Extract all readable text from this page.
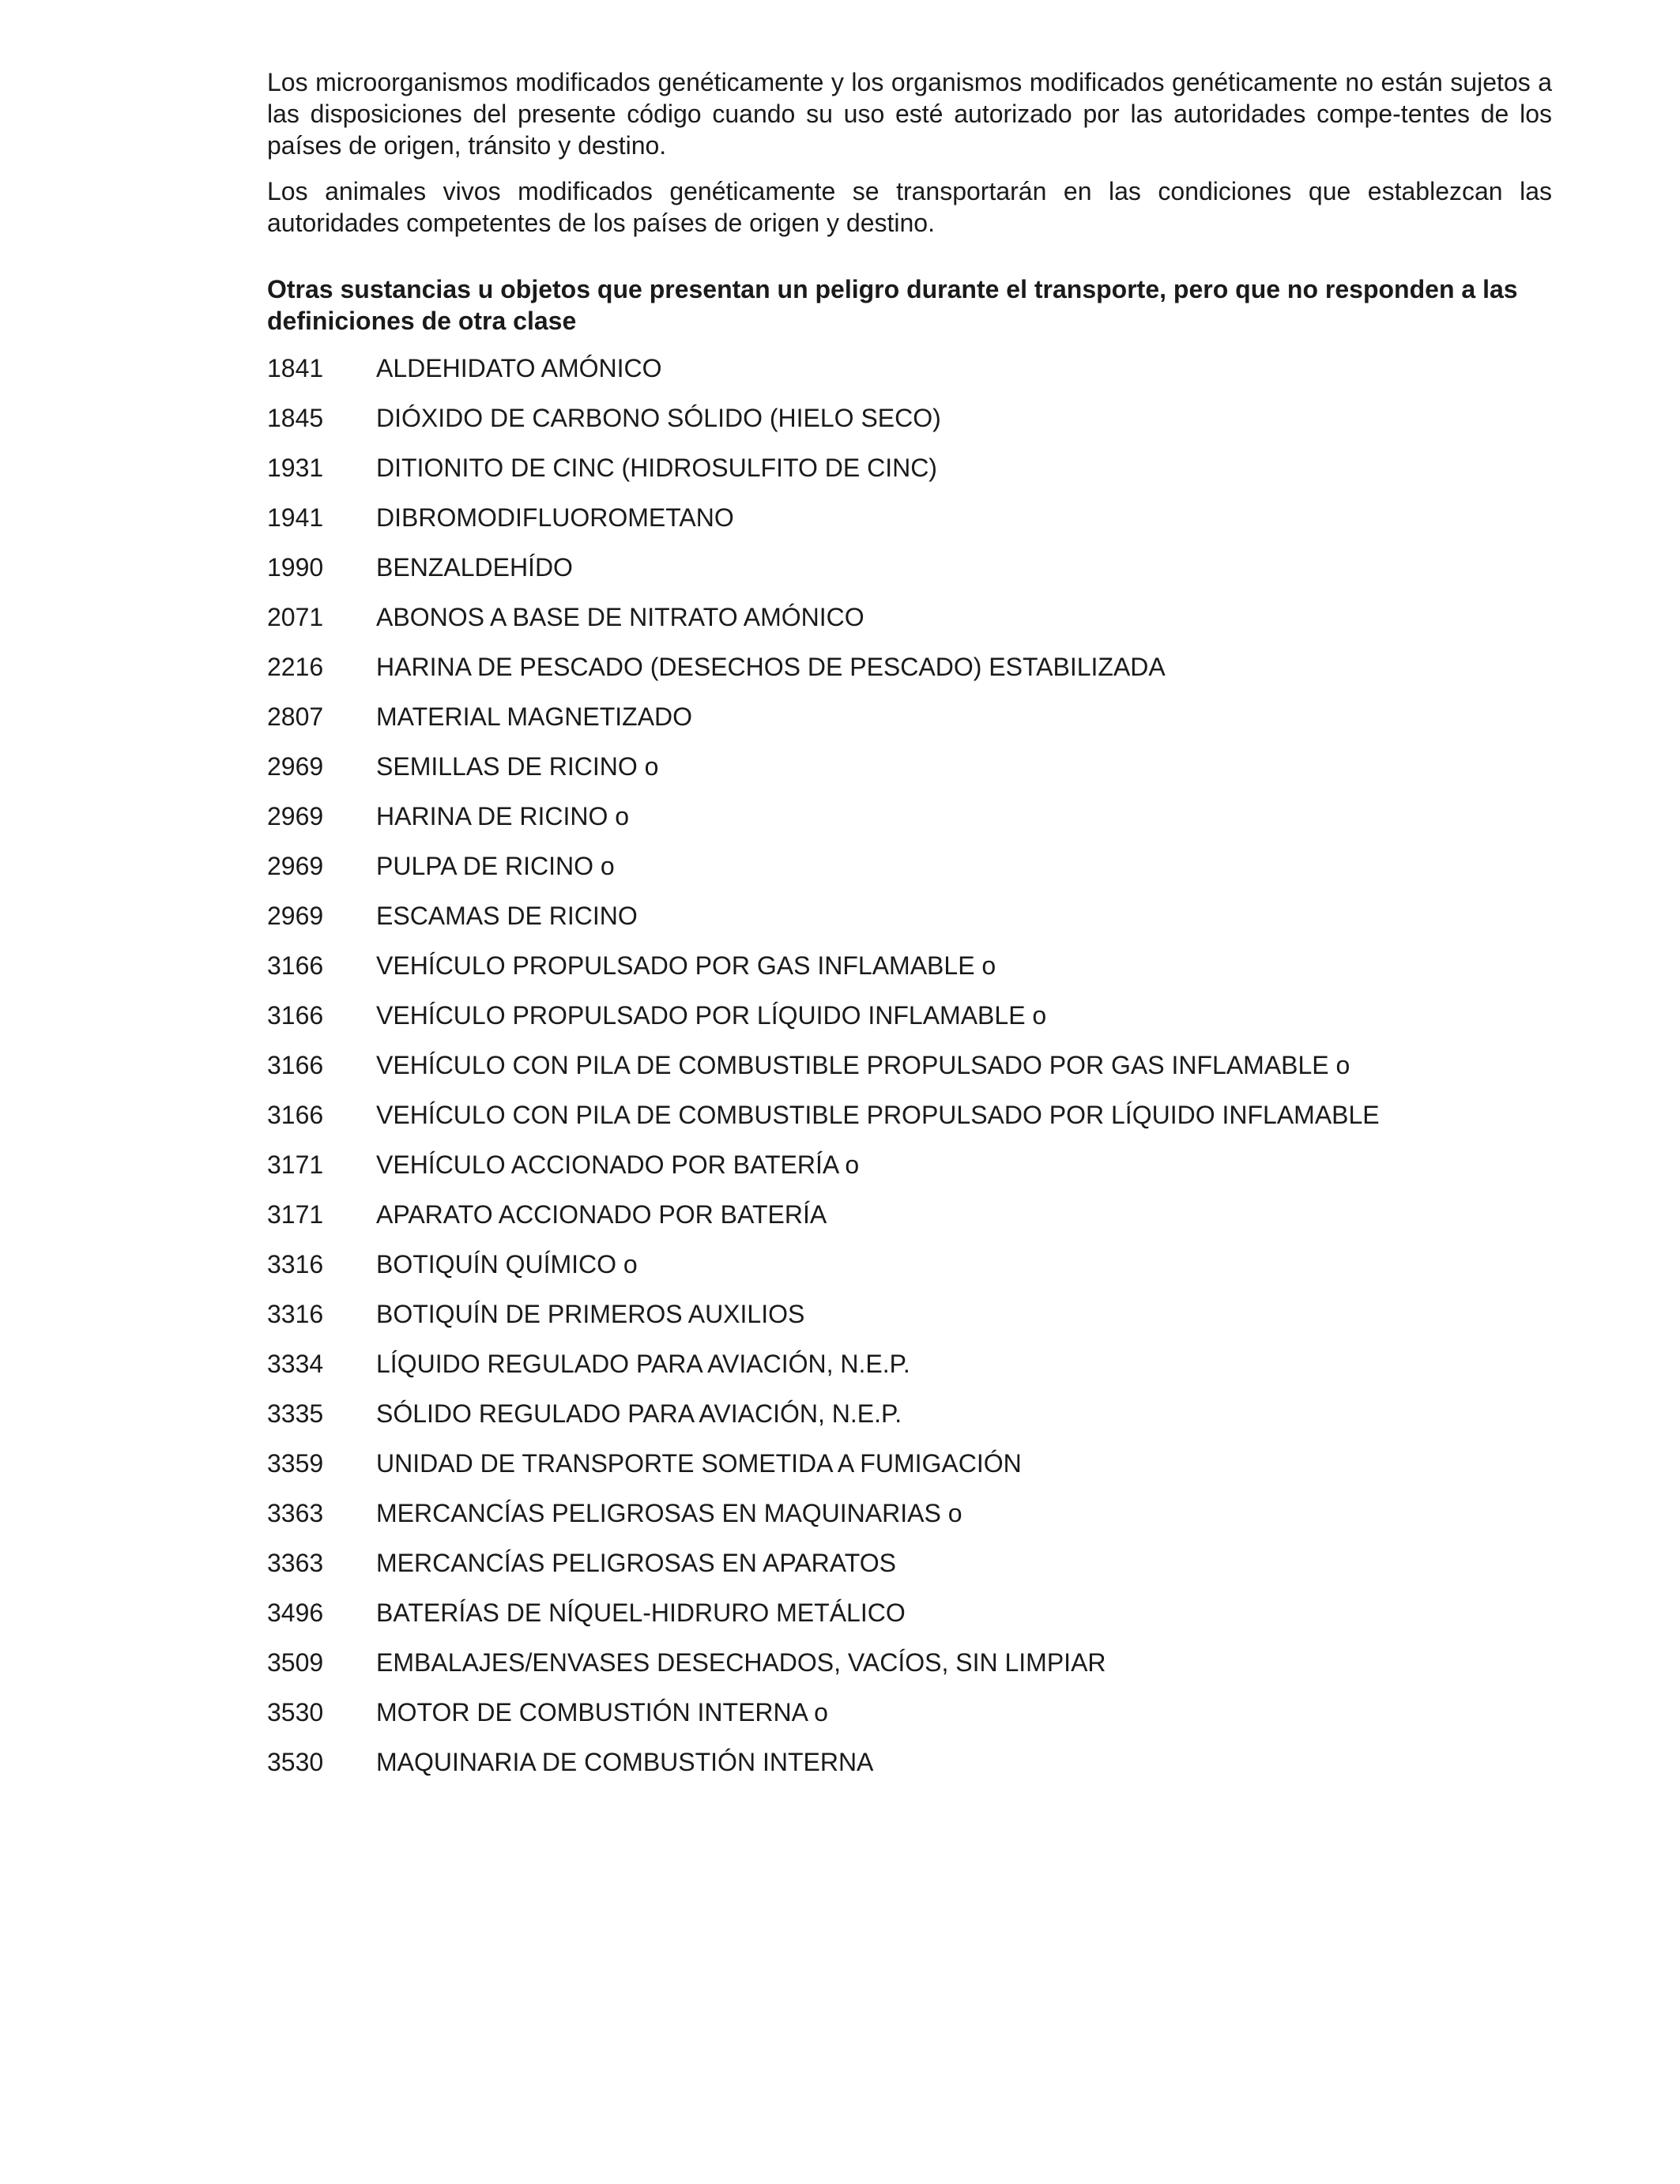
Los microorganismos modificados genéticamente y los organismos modificados genéticamente no están sujetos a las disposiciones del presente código cuando su uso esté autorizado por las autoridades compe-tentes de los países de origen, tránsito y destino.

Los animales vivos modificados genéticamente se transportarán en las condiciones que establezcan las autoridades competentes de los países de origen y destino.

Otras sustancias u objetos que presentan un peligro durante el transporte, pero que no responden a las definiciones de otra clase
1841	ALDEHIDATO AMÓNICO
1845	DIÓXIDO DE CARBONO SÓLIDO (HIELO SECO)
1931	DITIONITO DE CINC (HIDROSULFITO DE CINC)
1941	DIBROMODIFLUOROMETANO
1990	BENZALDEHÍDO
2071	ABONOS A BASE DE NITRATO AMÓNICO
2216	HARINA DE PESCADO (DESECHOS DE PESCADO) ESTABILIZADA
2807	MATERIAL MAGNETIZADO
2969	SEMILLAS DE RICINO o
2969	HARINA DE RICINO o
2969	PULPA DE RICINO o
2969	ESCAMAS DE RICINO
3166	VEHÍCULO PROPULSADO POR GAS INFLAMABLE o
3166	VEHÍCULO PROPULSADO POR LÍQUIDO INFLAMABLE o
3166	VEHÍCULO CON PILA DE COMBUSTIBLE PROPULSADO POR GAS INFLAMABLE o
3166	VEHÍCULO CON PILA DE COMBUSTIBLE PROPULSADO POR LÍQUIDO INFLAMABLE
3171	VEHÍCULO ACCIONADO POR BATERÍA o
3171	APARATO ACCIONADO POR BATERÍA
3316	BOTIQUÍN QUÍMICO o
3316	BOTIQUÍN DE PRIMEROS AUXILIOS
3334	LÍQUIDO REGULADO PARA AVIACIÓN, N.E.P.
3335	SÓLIDO REGULADO PARA AVIACIÓN, N.E.P.
3359	UNIDAD DE TRANSPORTE SOMETIDA A FUMIGACIÓN
3363	MERCANCÍAS PELIGROSAS EN MAQUINARIAS o
3363	MERCANCÍAS PELIGROSAS EN APARATOS
3496	BATERÍAS DE NÍQUEL-HIDRURO METÁLICO
3509	EMBALAJES/ENVASES DESECHADOS, VACÍOS, SIN LIMPIAR
3530	MOTOR DE COMBUSTIÓN INTERNA o
3530	MAQUINARIA DE COMBUSTIÓN INTERNA
